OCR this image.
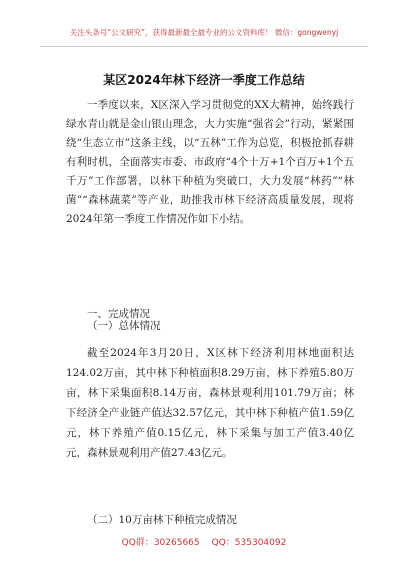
关注头条号“公文研究”，获得最新最全最专业的公文资料库！ 微信：gongwenyj
某区2024年林下经济一季度工作总结

一季度以来，X区深入学习贯彻党的XX大精神，始终践行绿水青山就是金山银山理念，大力实施“强省会”行动，紧紧围绕“生态立市”这条主线，以“五林”工作为总览，积极抢抓春耕有利时机，全面落实市委、市政府“4个十万+1个百万+1个五千万”工作部署，以林下种植为突破口，大力发展“林药”“林菌”“森林蔬菜”等产业，助推我市林下经济高质量发展，现将2024年第一季度工作情况作如下小结。

一、完成情况
（一）总体情况

截至2024年3月20日，X区林下经济利用林地面积达124.02万亩，其中林下种植面积8.29万亩，林下养殖5.80万亩，林下采集面积8.14万亩，森林景观利用101.79万亩；林下经济全产业链产值达32.57亿元，其中林下种植产值1.59亿元，林下养殖产值0.15亿元，林下采集与加工产值3.40亿元，森林景观利用产值27.43亿元。

（二）10万亩林下种植完成情况
QQ群：30265665 QQ：535304092
